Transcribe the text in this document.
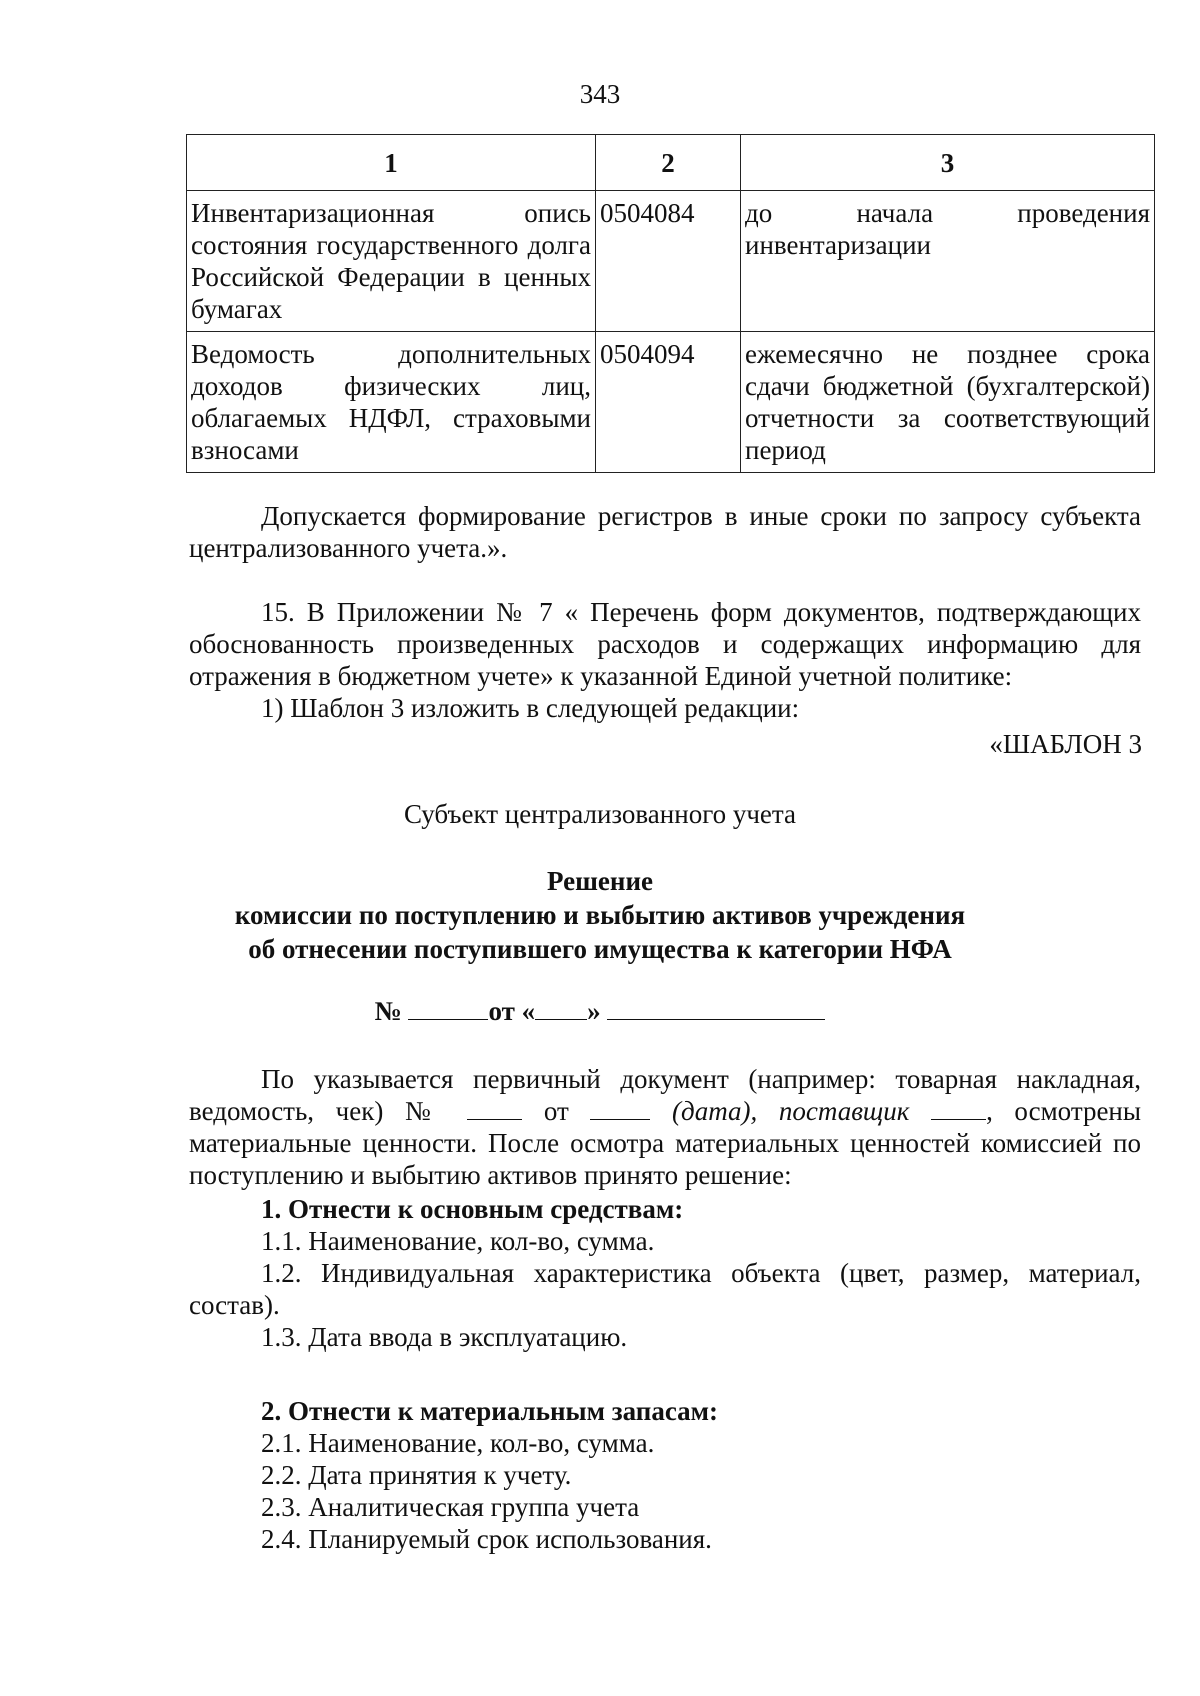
343
1	2	3
Инвентаризационная опись состояния государственного долга Российской Федерации в ценных бумагах	0504084	до начала проведения инвентаризации
Ведомость дополнительных доходов физических лиц, облагаемых НДФЛ, страховыми взносами	0504094	ежемесячно не позднее срока сдачи бюджетной (бухгалтерской) отчетности за соответствующий период

Допускается формирование регистров в иные сроки по запросу субъекта централизованного учета.».

15. В Приложении № 7 « Перечень форм документов, подтверждающих обоснованность произведенных расходов и содержащих информацию для отражения в бюджетном учете» к указанной Единой учетной политике:

1) Шаблон 3 изложить в следующей редакции:

«ШАБЛОН 3
Субъект централизованного учета
Решение
комиссии по поступлению и выбытию активов учреждения
об отнесении поступившего имущества к категории НФА
№	от « »

По указывается первичный документ (например: товарная накладная, ведомость, чек) №	от	(дата), поставщик	, осмотрены материальные ценности. После осмотра материальных ценностей комиссией по поступлению и выбытию активов принято решение:

1. Отнести к основным средствам:

1.1. Наименование, кол-во, сумма.

1.2. Индивидуальная характеристика объекта (цвет, размер, материал, состав).

1.3. Дата ввода в эксплуатацию.

2. Отнести к материальным запасам:

2.1. Наименование, кол-во, сумма.

2.2. Дата принятия к учету.

2.3. Аналитическая группа учета

2.4. Планируемый срок использования.
